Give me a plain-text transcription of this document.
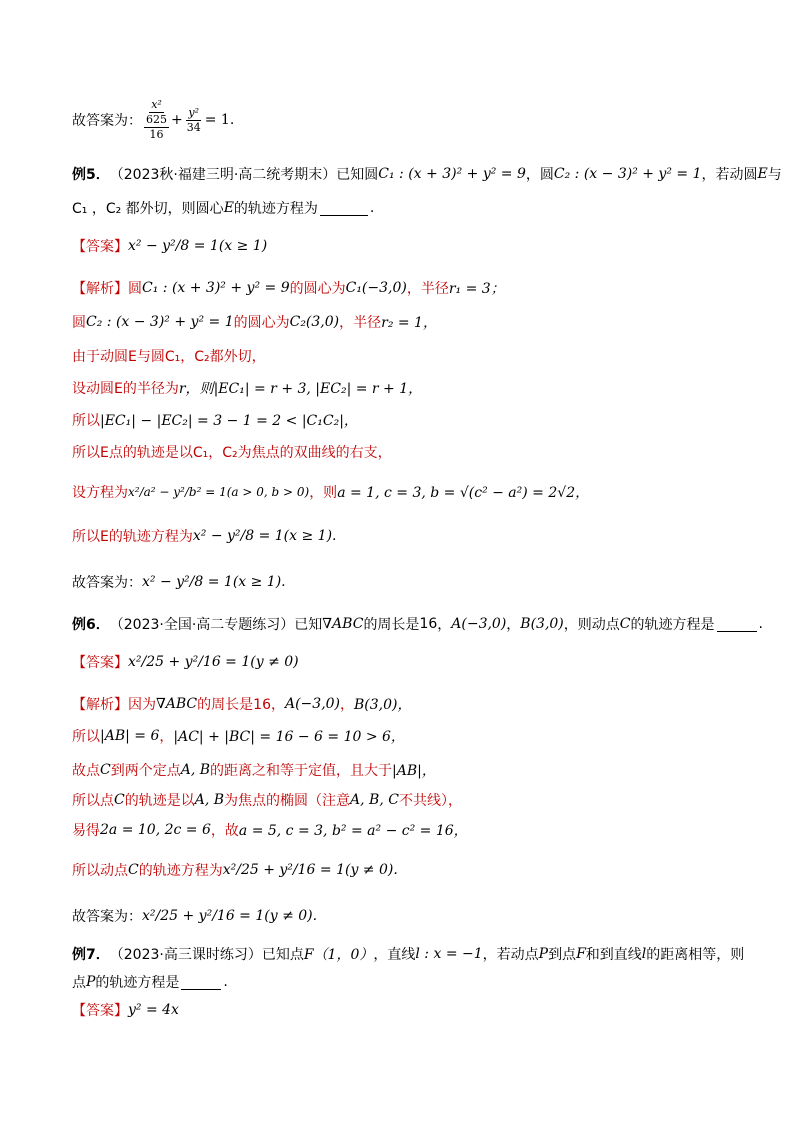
故答案为： x²
625
$16 + \frac{\text{y²}}{34} = 1$.
例5． （2023秋·福建三明·高二统考期末） 已知圆 C₁ : (x + 3)² + y² = 9 ，圆 C₂ : (x − 3)² + y² = 1 ，若动圆 E 与
C₁ ，C₂ 都外切，则圆心 E 的轨迹方程为	.
【答案】 x² − y²/8 = 1(x ≥ 1)
【解析】 圆 C₁ : (x + 3)² + y² = 9 的圆心为 C₁(−3,0) ，半径 r₁ = 3；
圆 C₂ : (x − 3)² + y² = 1 的圆心为 C₂(3,0) ，半径 r₂ = 1，
由于动圆E与圆C₁，C₂都外切，
设动圆E的半径为 r，则 |EC₁| = r + 3, |EC₂| = r + 1，
所以 |EC₁| − |EC₂| = 3 − 1 = 2 < |C₁C₂|，
所以E点的轨迹是以C₁，C₂为焦点的双曲线的右支，
设方程为 x²/a² − y²/b² = 1(a > 0, b > 0) ，则 a = 1, c = 3, b = √(c² − a²) = 2√2，
所以E的轨迹方程为 x² − y²/8 = 1(x ≥ 1).
故答案为： x² − y²/8 = 1(x ≥ 1).
例6． （2023·全国·高二专题练习） 已知 ∇ABC 的周长是 16 ， A(−3,0) ， B(3,0) ，则动点 C 的轨迹方程是	.
【答案】 x²/25 + y²/16 = 1(y ≠ 0)
【解析】 因为 ∇ABC 的周长是 16， A(−3,0) ， B(3,0)，
所以 |AB| = 6 ， |AC| + |BC| = 16 − 6 = 10 > 6，
故点 C 到两个定点 A, B 的距离之和等于定值，且大于 |AB|，
所以点 C 的轨迹是以 A, B 为焦点的椭圆（注意 A, B, C 不共线），
易得 2a = 10, 2c = 6 ，故 a = 5, c = 3, b² = a² − c² = 16，
所以动点 C 的轨迹方程为 x²/25 + y²/16 = 1(y ≠ 0).
故答案为： x²/25 + y²/16 = 1(y ≠ 0).
例7． （2023·高三课时练习） 已知点 F（1，0） ，直线 l : x = −1 ，若动点 P 到点 F 和到直线 l 的距离相等，则
点 P 的轨迹方程是	.
【答案】 y² = 4x
